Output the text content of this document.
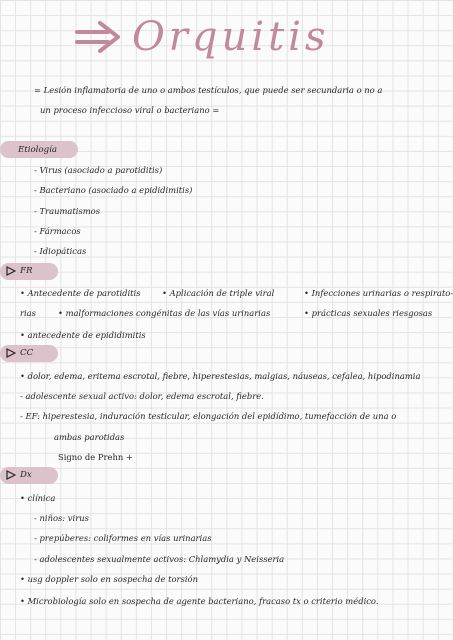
Orquitis
= Lesión inflamatoria de uno o ambos testículos, que puede ser secundaria o no a
un proceso infeccioso viral o bacteriano =
Etiología
- Virus (asociado a parotiditis)
- Bacteriano (asociado a epididimitis)
- Traumatismos
- Fármacos
- Idiopáticas
FR
• Antecedente de parotiditis	• Aplicación de triple viral	• Infecciones urinarias o respirato-
rias	• malformaciones congénitas de las vías urinarias	• prácticas sexuales riesgosas
• antecedente de epididimitis
CC
• dolor, edema, eritema escrotal, fiebre, hiperestesias, malgias, náuseas, cefalea, hipodinamia
- adolescente sexual activo: dolor, edema escrotal, fiebre.
- EF: hiperestesia, induración testicular, elongación del epidídimo, tumefacción de una o
ambas parotidas
Signo de Prehn +
Dx
• clínica
- niños: virus
- prepúberes: coliformes en vías urinarias
- adolescentes sexualmente activos: Chlamydia y Neisseria
• usg doppler solo en sospecha de torsión
• Microbiología solo en sospecha de agente bacteriano, fracaso tx o criterio médico.
